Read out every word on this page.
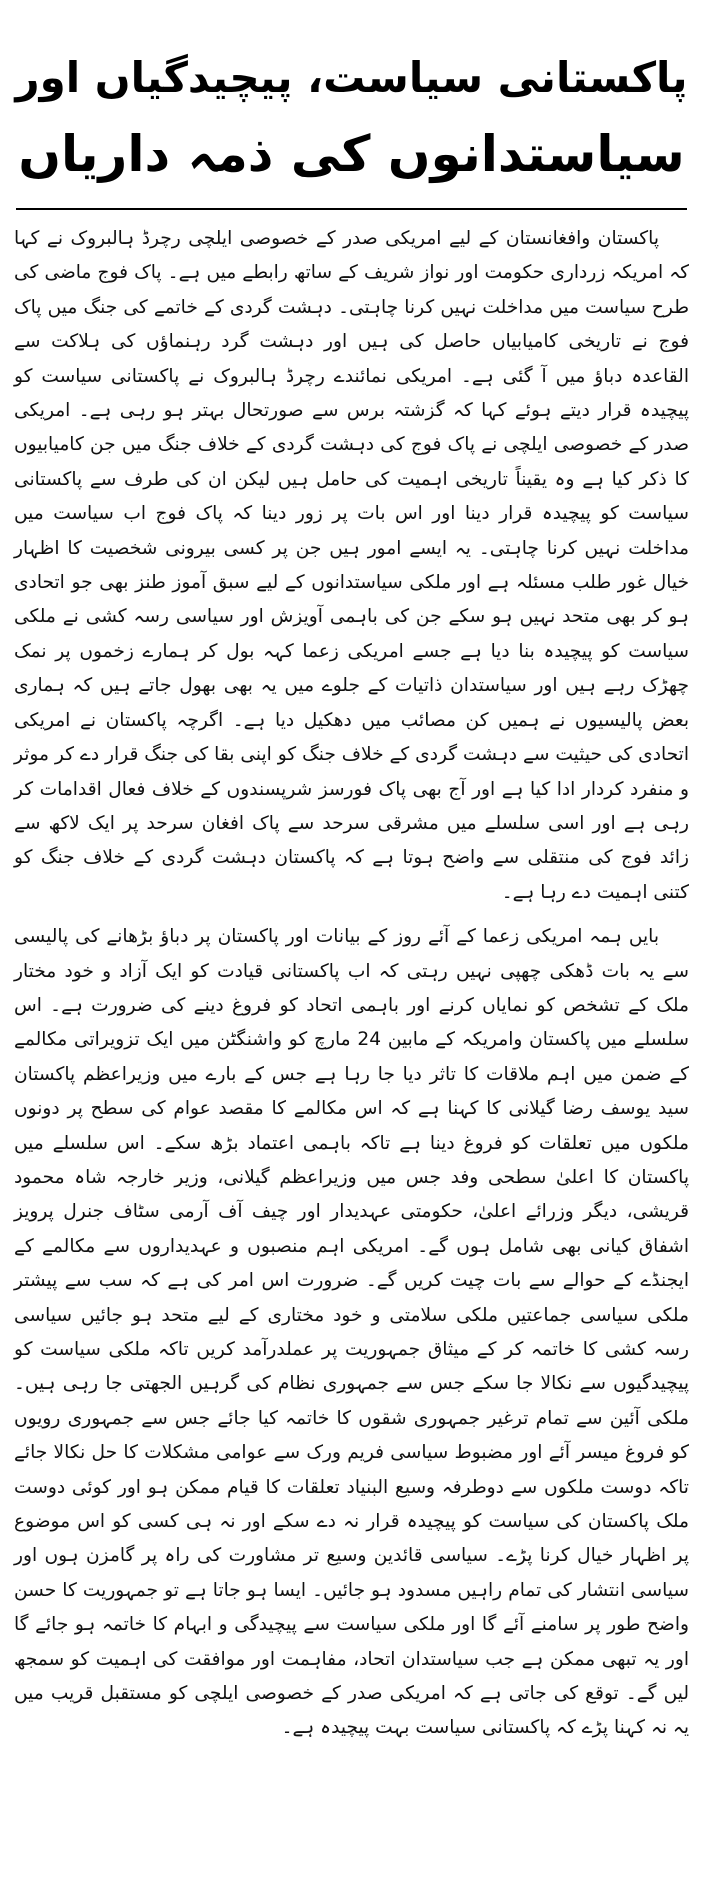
پاکستانی سیاست، پیچیدگیاں اور
سیاستدانوں کی ذمہ داریاں

پاکستان وافغانستان کے لیے امریکی صدر کے خصوصی ایلچی رچرڈ ہالبروک نے کہا کہ امریکہ زرداری حکومت اور نواز شریف کے ساتھ رابطے میں ہے۔ پاک فوج ماضی کی طرح سیاست میں مداخلت نہیں کرنا چاہتی۔ دہشت گردی کے خاتمے کی جنگ میں پاک فوج نے تاریخی کامیابیاں حاصل کی ہیں اور دہشت گرد رہنماؤں کی ہلاکت سے القاعدہ دباؤ میں آ گئی ہے۔ امریکی نمائندے رچرڈ ہالبروک نے پاکستانی سیاست کو پیچیدہ قرار دیتے ہوئے کہا کہ گزشتہ برس سے صورتحال بہتر ہو رہی ہے۔ امریکی صدر کے خصوصی ایلچی نے پاک فوج کی دہشت گردی کے خلاف جنگ میں جن کامیابیوں کا ذکر کیا ہے وہ یقیناً تاریخی اہمیت کی حامل ہیں لیکن ان کی طرف سے پاکستانی سیاست کو پیچیدہ قرار دینا اور اس بات پر زور دینا کہ پاک فوج اب سیاست میں مداخلت نہیں کرنا چاہتی۔ یہ ایسے امور ہیں جن پر کسی بیرونی شخصیت کا اظہار خیال غور طلب مسئلہ ہے اور ملکی سیاستدانوں کے لیے سبق آموز طنز بھی جو اتحادی ہو کر بھی متحد نہیں ہو سکے جن کی باہمی آویزش اور سیاسی رسہ کشی نے ملکی سیاست کو پیچیدہ بنا دیا ہے جسے امریکی زعما کہہ بول کر ہمارے زخموں پر نمک چھڑک رہے ہیں اور سیاستدان ذاتیات کے جلوے میں یہ بھی بھول جاتے ہیں کہ ہماری بعض پالیسیوں نے ہمیں کن مصائب میں دھکیل دیا ہے۔ اگرچہ پاکستان نے امریکی اتحادی کی حیثیت سے دہشت گردی کے خلاف جنگ کو اپنی بقا کی جنگ قرار دے کر موثر و منفرد کردار ادا کیا ہے اور آج بھی پاک فورسز شرپسندوں کے خلاف فعال اقدامات کر رہی ہے اور اسی سلسلے میں مشرقی سرحد سے پاک افغان سرحد پر ایک لاکھ سے زائد فوج کی منتقلی سے واضح ہوتا ہے کہ پاکستان دہشت گردی کے خلاف جنگ کو کتنی اہمیت دے رہا ہے۔

بایں ہمہ امریکی زعما کے آئے روز کے بیانات اور پاکستان پر دباؤ بڑھانے کی پالیسی سے یہ بات ڈھکی چھپی نہیں رہتی کہ اب پاکستانی قیادت کو ایک آزاد و خود مختار ملک کے تشخص کو نمایاں کرنے اور باہمی اتحاد کو فروغ دینے کی ضرورت ہے۔ اس سلسلے میں پاکستان وامریکہ کے مابین 24 مارچ کو واشنگٹن میں ایک تزویراتی مکالمے کے ضمن میں اہم ملاقات کا تاثر دیا جا رہا ہے جس کے بارے میں وزیراعظم پاکستان سید یوسف رضا گیلانی کا کہنا ہے کہ اس مکالمے کا مقصد عوام کی سطح پر دونوں ملکوں میں تعلقات کو فروغ دینا ہے تاکہ باہمی اعتماد بڑھ سکے۔ اس سلسلے میں پاکستان کا اعلیٰ سطحی وفد جس میں وزیراعظم گیلانی، وزیر خارجہ شاہ محمود قریشی، دیگر وزرائے اعلیٰ، حکومتی عہدیدار اور چیف آف آرمی سٹاف جنرل پرویز اشفاق کیانی بھی شامل ہوں گے۔ امریکی اہم منصبوں و عہدیداروں سے مکالمے کے ایجنڈے کے حوالے سے بات چیت کریں گے۔ ضرورت اس امر کی ہے کہ سب سے پیشتر ملکی سیاسی جماعتیں ملکی سلامتی و خود مختاری کے لیے متحد ہو جائیں سیاسی رسہ کشی کا خاتمہ کر کے میثاق جمہوریت پر عملدرآمد کریں تاکہ ملکی سیاست کو پیچیدگیوں سے نکالا جا سکے جس سے جمہوری نظام کی گرہیں الجھتی جا رہی ہیں۔ ملکی آئین سے تمام ترغیر جمہوری شقوں کا خاتمہ کیا جائے جس سے جمہوری رویوں کو فروغ میسر آئے اور مضبوط سیاسی فریم ورک سے عوامی مشکلات کا حل نکالا جائے تاکہ دوست ملکوں سے دوطرفہ وسیع البنیاد تعلقات کا قیام ممکن ہو اور کوئی دوست ملک پاکستان کی سیاست کو پیچیدہ قرار نہ دے سکے اور نہ ہی کسی کو اس موضوع پر اظہار خیال کرنا پڑے۔ سیاسی قائدین وسیع تر مشاورت کی راہ پر گامزن ہوں اور سیاسی انتشار کی تمام راہیں مسدود ہو جائیں۔ ایسا ہو جاتا ہے تو جمہوریت کا حسن واضح طور پر سامنے آئے گا اور ملکی سیاست سے پیچیدگی و ابہام کا خاتمہ ہو جائے گا اور یہ تبھی ممکن ہے جب سیاستدان اتحاد، مفاہمت اور موافقت کی اہمیت کو سمجھ لیں گے۔ توقع کی جاتی ہے کہ امریکی صدر کے خصوصی ایلچی کو مستقبل قریب میں یہ نہ کہنا پڑے کہ پاکستانی سیاست بہت پیچیدہ ہے۔
